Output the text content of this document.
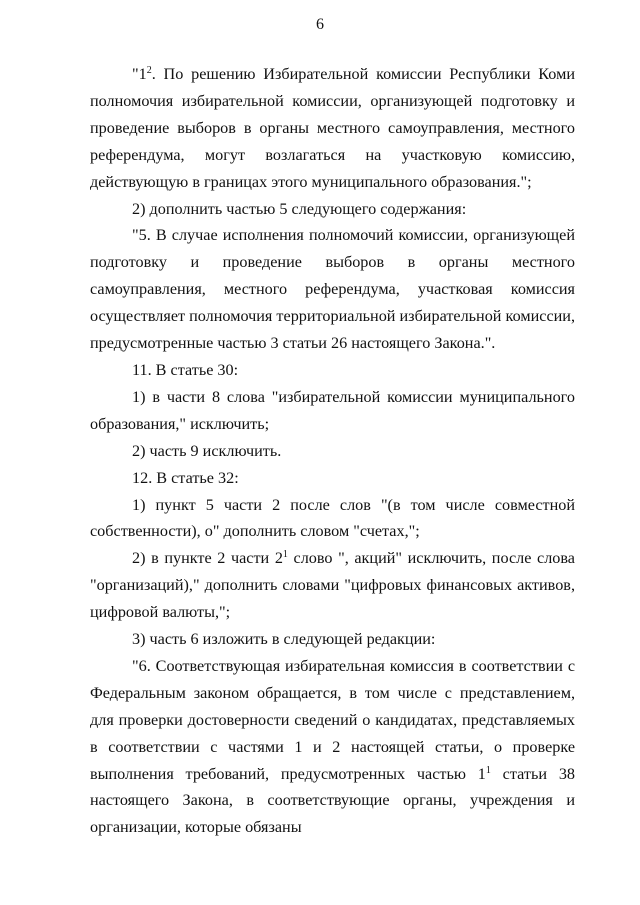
6

"$1^2$. По решению Избирательной комиссии Республики Коми полномочия избирательной комиссии, организующей подготовку и проведение выборов в органы местного самоуправления, местного референдума, могут возлагаться на участковую комиссию, действующую в границах этого муниципального образования.";

2) дополнить частью 5 следующего содержания:

"5. В случае исполнения полномочий комиссии, организующей подготовку и проведение выборов в органы местного самоуправления, местного референдума, участковая комиссия осуществляет полномочия территориальной избирательной комиссии, предусмотренные частью 3 статьи 26 настоящего Закона.".

11. В статье 30:

1) в части 8 слова "избирательной комиссии муниципального образования," исключить;

2) часть 9 исключить.

12. В статье 32:

1) пункт 5 части 2 после слов "(в том числе совместной собственности), о" дополнить словом "счетах,";

2) в пункте 2 части $2^1$ слово ", акций" исключить, после слова "организаций)," дополнить словами "цифровых финансовых активов, цифровой валюты,";

3) часть 6 изложить в следующей редакции:

"6. Соответствующая избирательная комиссия в соответствии с Федеральным законом обращается, в том числе с представлением, для проверки достоверности сведений о кандидатах, представляемых в соответствии с частями 1 и 2 настоящей статьи, о проверке выполнения требований, предусмотренных частью $1^1$ статьи 38 настоящего Закона, в соответствующие органы, учреждения и организации, которые обязаны
